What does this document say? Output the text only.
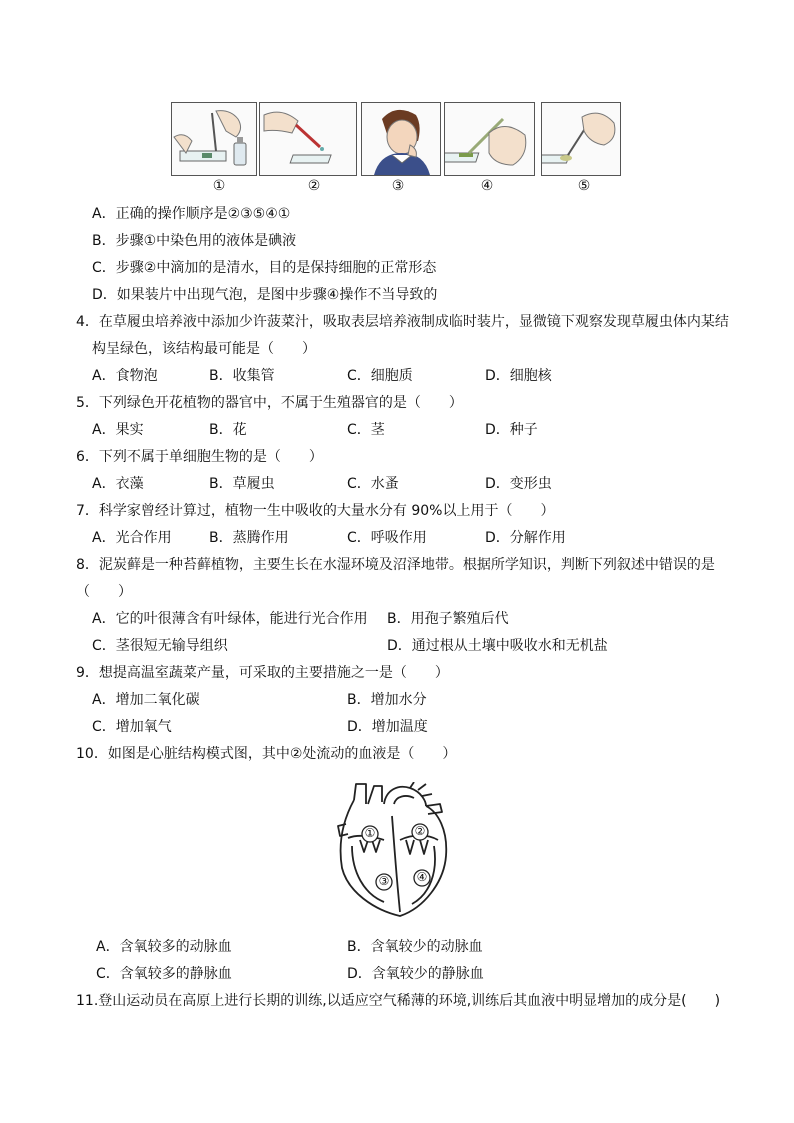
①	②	③	④	⑤
A．正确的操作顺序是②③⑤④①
B．步骤①中染色用的液体是碘液
C．步骤②中滴加的是清水，目的是保持细胞的正常形态
D．如果装片中出现气泡，是图中步骤④操作不当导致的
4．在草履虫培养液中添加少许菠菜汁，吸取表层培养液制成临时装片，显微镜下观察发现草履虫体内某结
构呈绿色，该结构最可能是（　　）
A．食物泡	B．收集管	C．细胞质	D．细胞核
5．下列绿色开花植物的器官中，不属于生殖器官的是（　　）
A．果实	B．花	C．茎	D．种子
6．下列不属于单细胞生物的是（　　）
A．衣藻	B．草履虫	C．水蚤	D．变形虫
7．科学家曾经计算过，植物一生中吸收的大量水分有 90%以上用于（　　）
A．光合作用	B．蒸腾作用	C．呼吸作用	D．分解作用
8．泥炭藓是一种苔藓植物，主要生长在水湿环境及沼泽地带。根据所学知识，判断下列叙述中错误的是
（　　）
A．它的叶很薄含有叶绿体，能进行光合作用 B．用孢子繁殖后代
C．茎很短无输导组织	D．通过根从土壤中吸收水和无机盐
9．想提高温室蔬菜产量，可采取的主要措施之一是（　　）
A．增加二氧化碳	B．增加水分
C．增加氧气	D．增加温度
10．如图是心脏结构模式图，其中②处流动的血液是（　　）
①	②
③ ④
A．含氧较多的动脉血	B．含氧较少的动脉血
C．含氧较多的静脉血	D．含氧较少的静脉血
11.登山运动员在高原上进行长期的训练,以适应空气稀薄的环境,训练后其血液中明显增加的成分是(　　)
